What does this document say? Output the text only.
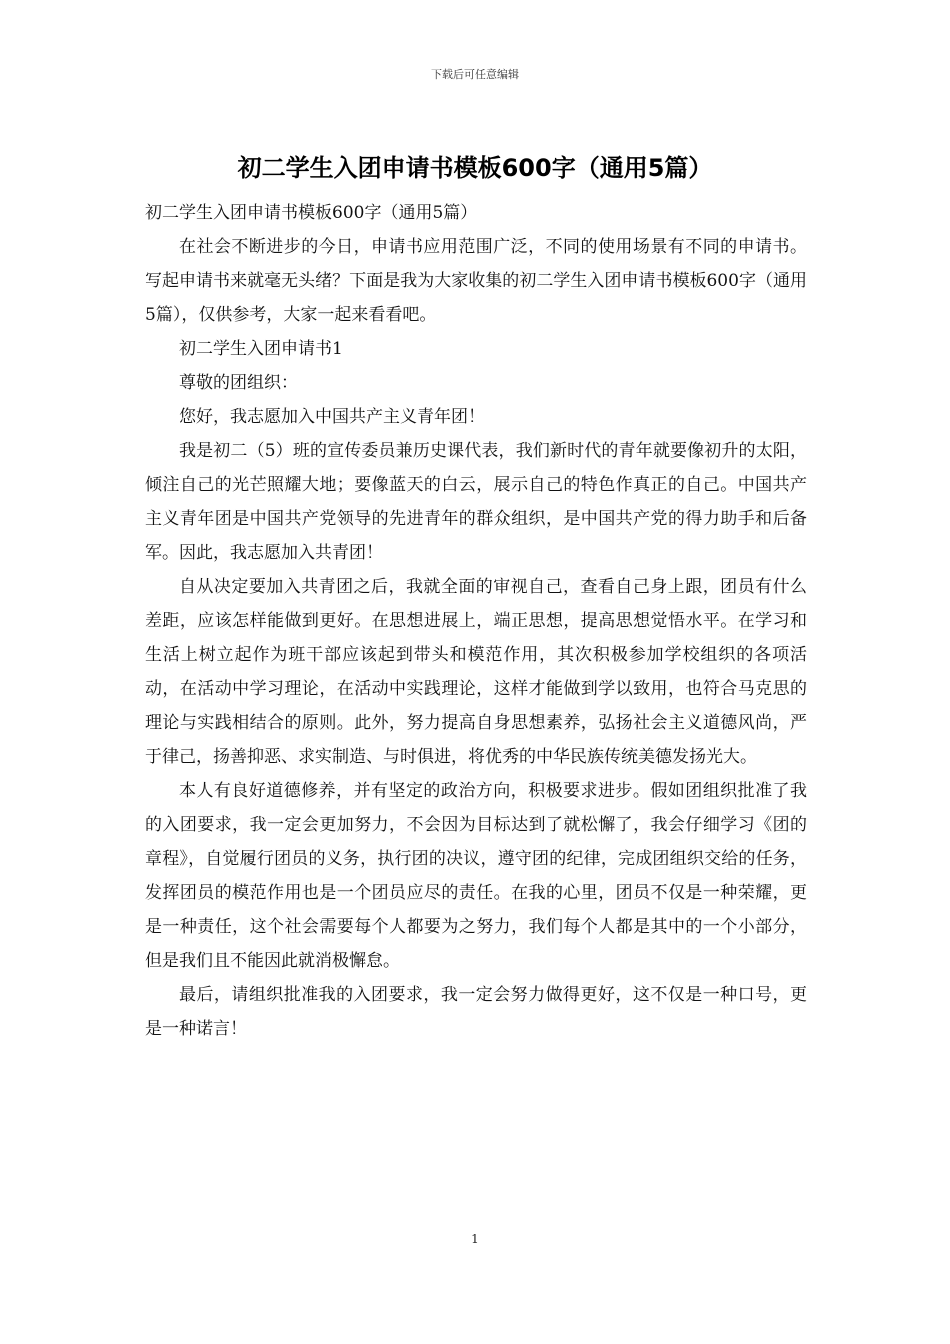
下载后可任意编辑
初二学生入团申请书模板600字（通用5篇）

初二学生入团申请书模板600字（通用5篇）

在社会不断进步的今日，申请书应用范围广泛，不同的使用场景有不同的申请书。写起申请书来就毫无头绪？下面是我为大家收集的初二学生入团申请书模板600字（通用5篇），仅供参考，大家一起来看看吧。

初二学生入团申请书1

尊敬的团组织：

您好，我志愿加入中国共产主义青年团！

我是初二（5）班的宣传委员兼历史课代表，我们新时代的青年就要像初升的太阳，倾注自己的光芒照耀大地；要像蓝天的白云，展示自己的特色作真正的自己。中国共产主义青年团是中国共产党领导的先进青年的群众组织，是中国共产党的得力助手和后备军。因此，我志愿加入共青团！

自从决定要加入共青团之后，我就全面的审视自己，查看自己身上跟，团员有什么差距，应该怎样能做到更好。在思想进展上，端正思想，提高思想觉悟水平。在学习和生活上树立起作为班干部应该起到带头和模范作用，其次积极参加学校组织的各项活动，在活动中学习理论，在活动中实践理论，这样才能做到学以致用，也符合马克思的理论与实践相结合的原则。此外，努力提高自身思想素养，弘扬社会主义道德风尚，严于律己，扬善抑恶、求实制造、与时俱进，将优秀的中华民族传统美德发扬光大。

本人有良好道德修养，并有坚定的政治方向，积极要求进步。假如团组织批准了我的入团要求，我一定会更加努力，不会因为目标达到了就松懈了，我会仔细学习《团的章程》，自觉履行团员的义务，执行团的决议，遵守团的纪律，完成团组织交给的任务，发挥团员的模范作用也是一个团员应尽的责任。在我的心里，团员不仅是一种荣耀，更是一种责任，这个社会需要每个人都要为之努力，我们每个人都是其中的一个小部分，但是我们且不能因此就消极懈怠。

最后，请组织批准我的入团要求，我一定会努力做得更好，这不仅是一种口号，更是一种诺言！

1
